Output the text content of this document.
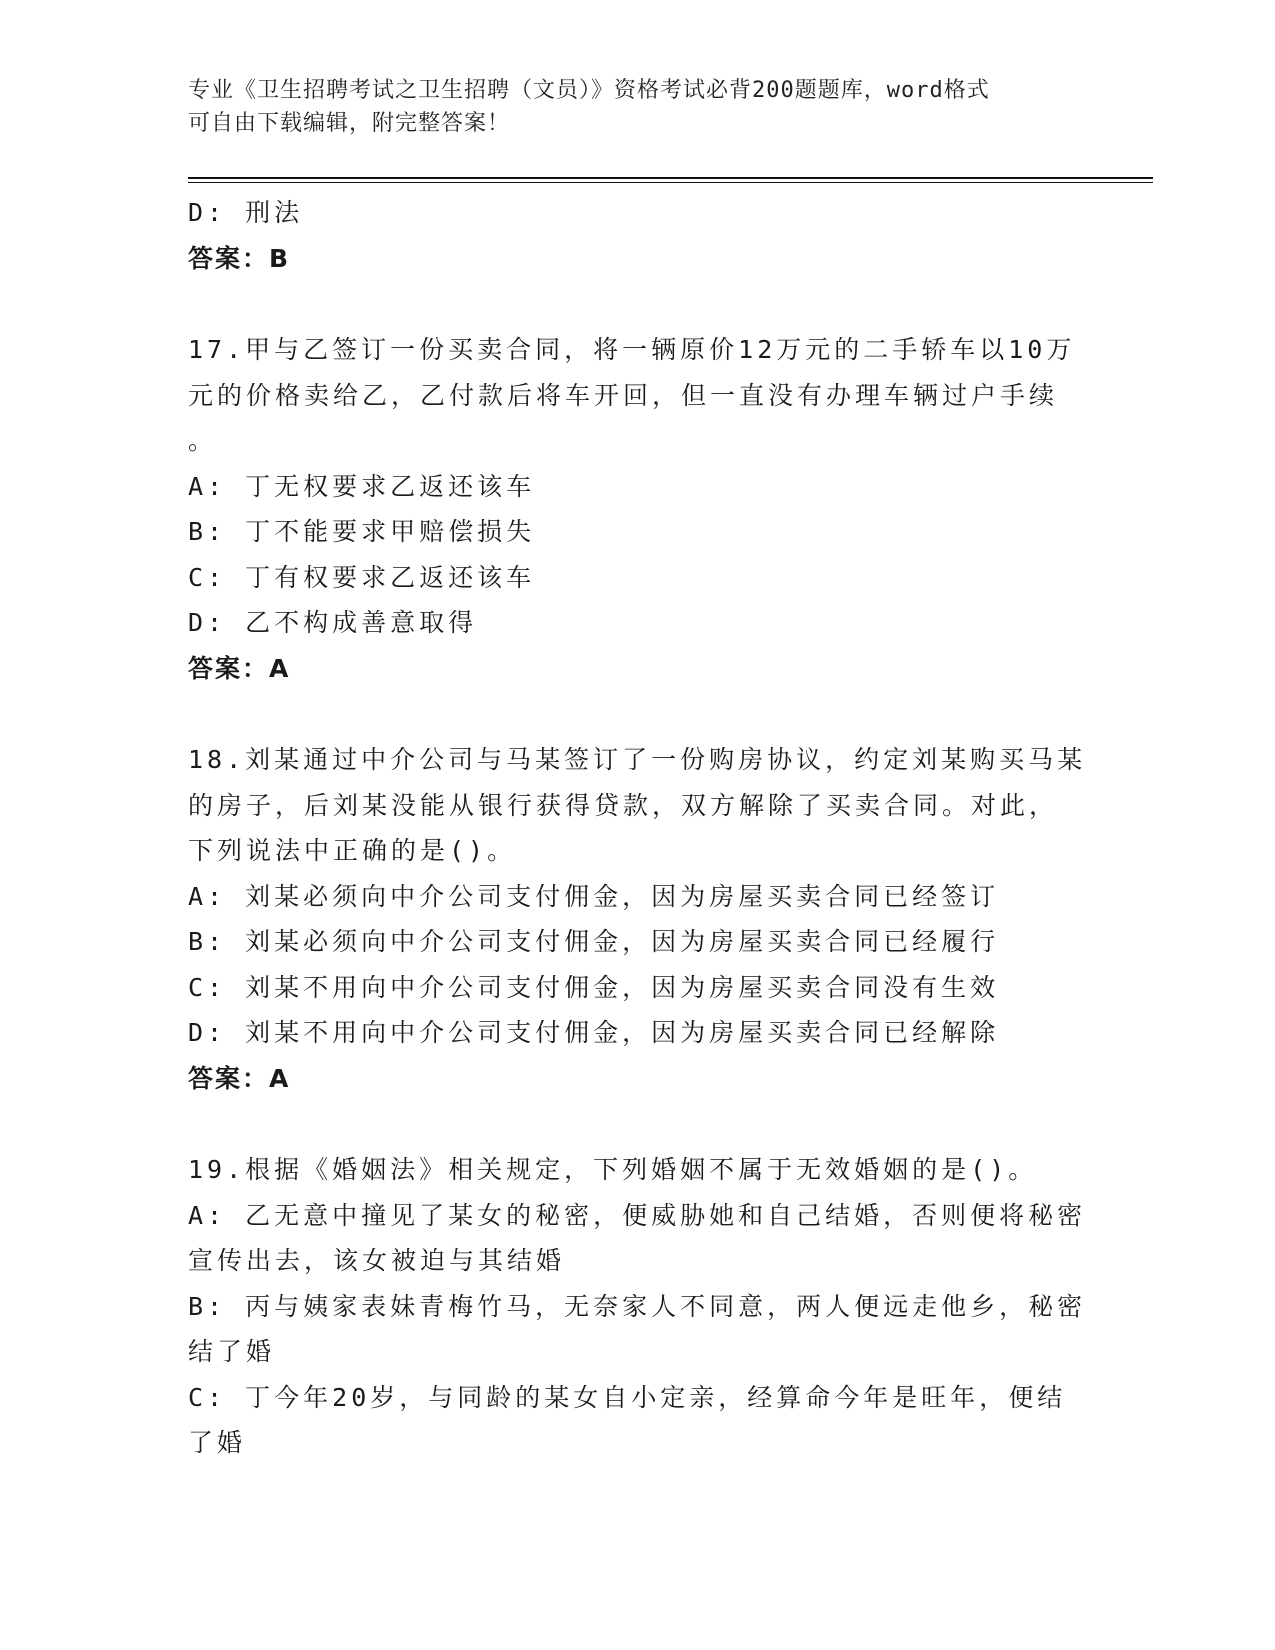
专业《卫生招聘考试之卫生招聘（文员）》资格考试必背200题题库，word格式
可自由下载编辑，附完整答案！
D: 刑法
答案：B
17.甲与乙签订一份买卖合同，将一辆原价12万元的二手轿车以10万
元的价格卖给乙，乙付款后将车开回，但一直没有办理车辆过户手续
。
A: 丁无权要求乙返还该车
B: 丁不能要求甲赔偿损失
C: 丁有权要求乙返还该车
D: 乙不构成善意取得
答案：A
18.刘某通过中介公司与马某签订了一份购房协议，约定刘某购买马某
的房子，后刘某没能从银行获得贷款，双方解除了买卖合同。对此，
下列说法中正确的是()。
A: 刘某必须向中介公司支付佣金，因为房屋买卖合同已经签订
B: 刘某必须向中介公司支付佣金，因为房屋买卖合同已经履行
C: 刘某不用向中介公司支付佣金，因为房屋买卖合同没有生效
D: 刘某不用向中介公司支付佣金，因为房屋买卖合同已经解除
答案：A
19.根据《婚姻法》相关规定，下列婚姻不属于无效婚姻的是()。
A: 乙无意中撞见了某女的秘密，便威胁她和自己结婚，否则便将秘密
宣传出去，该女被迫与其结婚
B: 丙与姨家表妹青梅竹马，无奈家人不同意，两人便远走他乡，秘密
结了婚
C: 丁今年20岁，与同龄的某女自小定亲，经算命今年是旺年，便结
了婚
